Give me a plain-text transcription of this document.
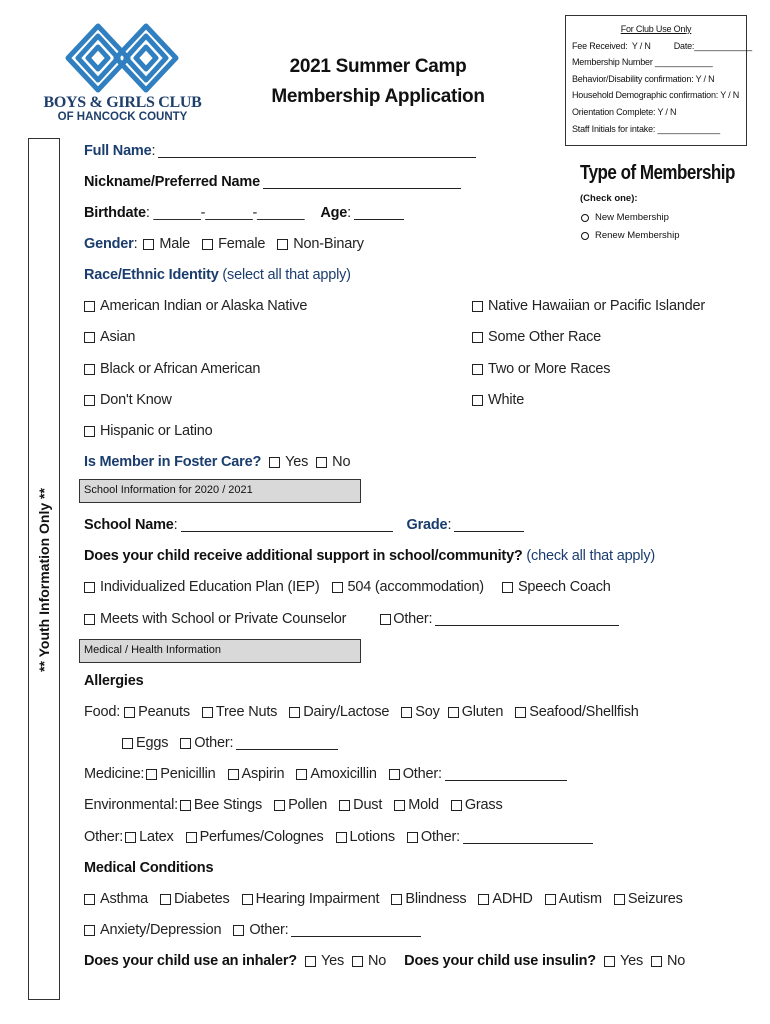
BOYS & GIRLS CLUB
OF HANCOCK COUNTY
2021 Summer Camp
Membership Application
For Club Use Only
Fee Received:  Y / N          Date:____________
Membership Number ____________
Behavior/Disability confirmation: Y / N
Household Demographic confirmation: Y / N
Orientation Complete: Y / N
Staff Initials for intake: _____________
** Youth Information Only **
Type of Membership
(Check one):
New Membership
Renew Membership
Full Name :
Nickname/Preferred Name
Birthdate : ______-______-______ Age :
Gender : Male Female Non-Binary
Race/Ethnic Identity (select all that apply)
American Indian or Alaska Native
Asian
Black or African American
Don't Know
Hispanic or Latino
Native Hawaiian or Pacific Islander
Some Other Race
Two or More Races
White
Is Member in Foster Care? Yes No
School Information for 2020 / 2021
School Name :	Grade :
Does your child receive additional support in school/community? (check all that apply)
Individualized Education Plan (IEP) 504 (accommodation) Speech Coach
Meets with School or Private Counselor	Other:
Medical / Health Information
Allergies
Food: Peanuts Tree Nuts Dairy/Lactose Soy Gluten Seafood/Shellfish
Eggs Other:
Medicine: Penicillin Aspirin Amoxicillin Other:
Environmental: Bee Stings Pollen Dust Mold Grass
Other: Latex Perfumes/Colognes Lotions Other:
Medical Conditions
Asthma Diabetes Hearing Impairment Blindness ADHD Autism Seizures
Anxiety/Depression Other:
Does your child use an inhaler? Yes No Does your child use insulin? Yes No
